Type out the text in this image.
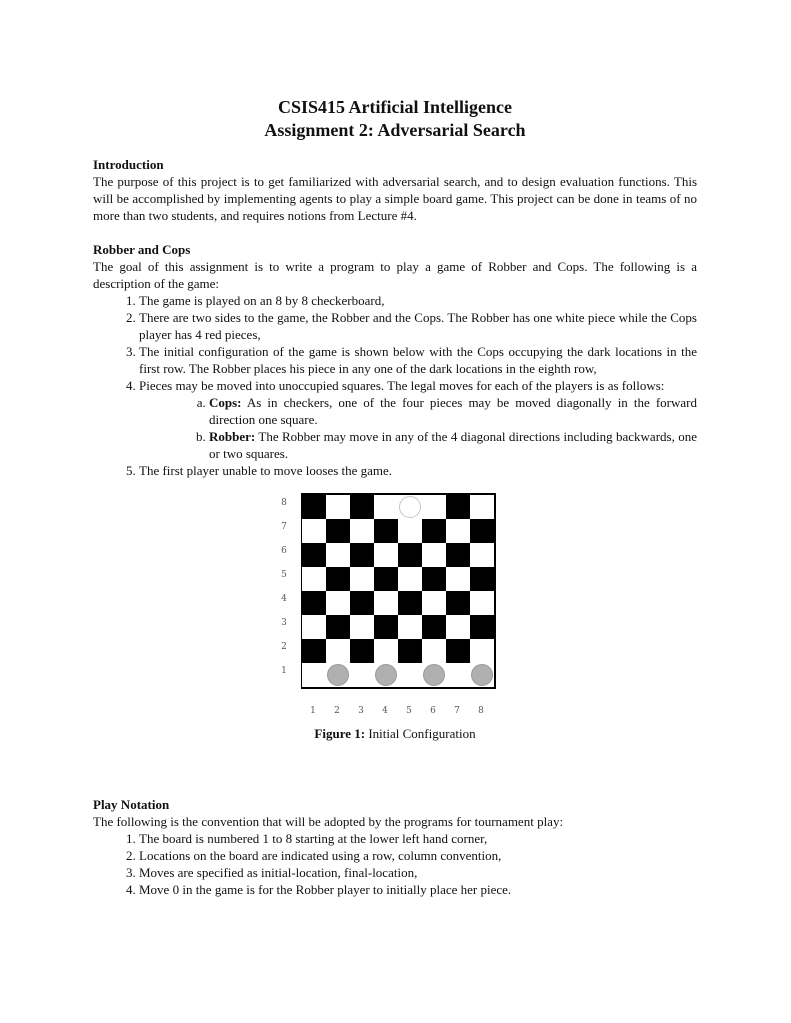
CSIS415 Artificial Intelligence
Assignment 2: Adversarial Search
Introduction

The purpose of this project is to get familiarized with adversarial search, and to design evaluation functions. This will be accomplished by implementing agents to play a simple board game. This project can be done in teams of no more than two students, and requires notions from Lecture #4.

Robber and Cops

The goal of this assignment is to write a program to play a game of Robber and Cops. The following is a description of the game:

1. The game is played on an 8 by 8 checkerboard,
2. There are two sides to the game, the Robber and the Cops. The Robber has one white piece while the Cops player has 4 red pieces,
3. The initial configuration of the game is shown below with the Cops occupying the dark locations in the first row. The Robber places his piece in any one of the dark locations in the eighth row,
4. Pieces may be moved into unoccupied squares. The legal moves for each of the players is as follows:
a. Cops: As in checkers, one of the four pieces may be moved diagonally in the forward direction one square.
b. Robber: The Robber may move in any of the 4 diagonal directions including backwards, one or two squares.
5. The first player unable to move looses the game.
8
7
6
5
4
3
2
1
1	2	3	4	5	6	7	8
Figure 1: Initial Configuration
Play Notation

The following is the convention that will be adopted by the programs for tournament play:

1. The board is numbered 1 to 8 starting at the lower left hand corner,
2. Locations on the board are indicated using a row, column convention,
3. Moves are specified as initial-location, final-location,
4. Move 0 in the game is for the Robber player to initially place her piece.
